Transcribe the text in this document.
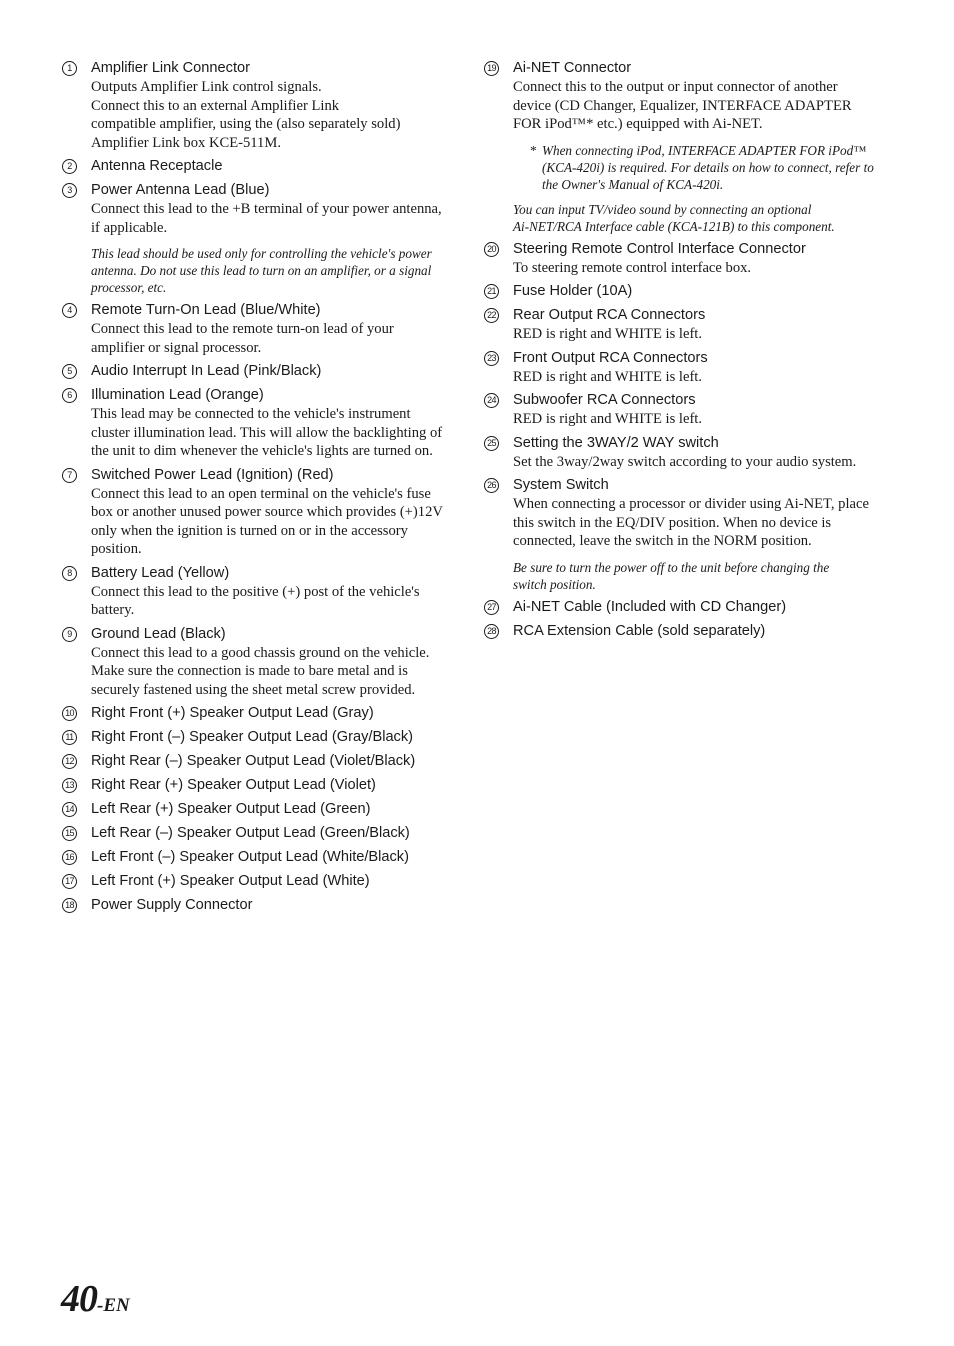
1	Amplifier Link Connector
Outputs Amplifier Link control signals.
Connect this to an external Amplifier Link
compatible amplifier, using the (also separately sold)
Amplifier Link box KCE-511M.
2	Antenna Receptacle
3	Power Antenna Lead (Blue)
Connect this lead to the +B terminal of your power antenna,
if applicable.
This lead should be used only for controlling the vehicle's power
antenna. Do not use this lead to turn on an amplifier, or a signal
processor, etc.
4	Remote Turn-On Lead (Blue/White)
Connect this lead to the remote turn-on lead of your
amplifier or signal processor.
5	Audio Interrupt In Lead (Pink/Black)
6	Illumination Lead (Orange)
This lead may be connected to the vehicle's instrument
cluster illumination lead. This will allow the backlighting of
the unit to dim whenever the vehicle's lights are turned on.
7	Switched Power Lead (Ignition) (Red)
Connect this lead to an open terminal on the vehicle's fuse
box or another unused power source which provides (+)12V
only when the ignition is turned on or in the accessory
position.
8	Battery Lead (Yellow)
Connect this lead to the positive (+) post of the vehicle's
battery.
9	Ground Lead (Black)
Connect this lead to a good chassis ground on the vehicle.
Make sure the connection is made to bare metal and is
securely fastened using the sheet metal screw provided.
10 Right Front (+) Speaker Output Lead (Gray)
11 Right Front (–) Speaker Output Lead (Gray/Black)
12 Right Rear (–) Speaker Output Lead (Violet/Black)
13 Right Rear (+) Speaker Output Lead (Violet)
14 Left Rear (+) Speaker Output Lead (Green)
15 Left Rear (–) Speaker Output Lead (Green/Black)
16 Left Front (–) Speaker Output Lead (White/Black)
17 Left Front (+) Speaker Output Lead (White)
18 Power Supply Connector
19 Ai-NET Connector
Connect this to the output or input connector of another
device (CD Changer, Equalizer, INTERFACE ADAPTER
FOR iPod™* etc.) equipped with Ai-NET.
* When connecting iPod, INTERFACE ADAPTER FOR iPod™
(KCA-420i) is required. For details on how to connect, refer to
the Owner's Manual of KCA-420i.
You can input TV/video sound by connecting an optional
Ai-NET/RCA Interface cable (KCA-121B) to this component.
20 Steering Remote Control Interface Connector
To steering remote control interface box.
21 Fuse Holder (10A)
22 Rear Output RCA Connectors
RED is right and WHITE is left.
23 Front Output RCA Connectors
RED is right and WHITE is left.
24 Subwoofer RCA Connectors
RED is right and WHITE is left.
25 Setting the 3WAY/2 WAY switch
Set the 3way/2way switch according to your audio system.
26 System Switch
When connecting a processor or divider using Ai-NET, place
this switch in the EQ/DIV position. When no device is
connected, leave the switch in the NORM position.
Be sure to turn the power off to the unit before changing the
switch position.
27 Ai-NET Cable (Included with CD Changer)
28 RCA Extension Cable (sold separately)
40-EN
